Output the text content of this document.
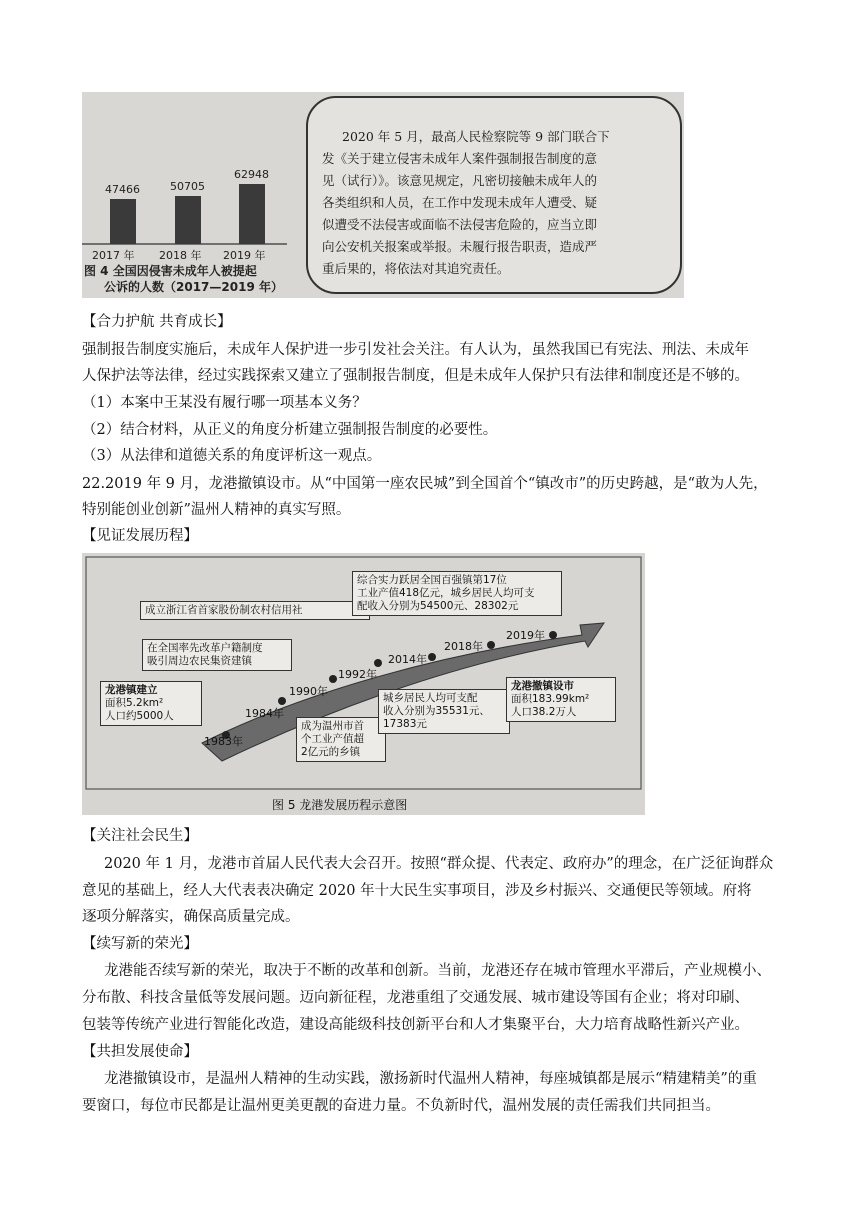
47466
2017 年
50705
2018 年
62948
2019 年
图 4 全国因侵害未成年人被提起
公诉的人数（2017—2019 年）
2020 年 5 月，最高人民检察院等 9 部门联合下
发《关于建立侵害未成年人案件强制报告制度的意
见（试行）》。该意见规定，凡密切接触未成年人的
各类组织和人员，在工作中发现未成年人遭受、疑
似遭受不法侵害或面临不法侵害危险的，应当立即
向公安机关报案或举报。未履行报告职责，造成严
重后果的，将依法对其追究责任。
【合力护航 共育成长】
强制报告制度实施后，未成年人保护进一步引发社会关注。有人认为，虽然我国已有宪法、刑法、未成年
人保护法等法律，经过实践探索又建立了强制报告制度，但是未成年人保护只有法律和制度还是不够的。
（1）本案中王某没有履行哪一项基本义务？
（2）结合材料，从正义的角度分析建立强制报告制度的必要性。
（3）从法律和道德关系的角度评析这一观点。
22.2019 年 9 月，龙港撤镇设市。从“中国第一座农民城”到全国首个“镇改市”的历史跨越，是“敢为人先，
特别能创业创新”温州人精神的真实写照。
【见证发展历程】
1983年
1984年
1990年
1992年
2014年
2018年
2019年
龙港镇建立
面积5.2km²
人口约5000人
成立浙江省首家股份制农村信用社
在全国率先改革户籍制度
吸引周边农民集资建镇
成为温州市首
个工业产值超
2亿元的乡镇
城乡居民人均可支配
收入分别为35531元、
17383元
综合实力跃居全国百强镇第17位
工业产值418亿元，城乡居民人均可支
配收入分别为54500元、28302元
龙港撤镇设市
面积183.99km²
人口38.2万人
图 5 龙港发展历程示意图
【关注社会民生】
2020 年 1 月，龙港市首届人民代表大会召开。按照“群众提、代表定、政府办”的理念，在广泛征询群众
意见的基础上，经人大代表表决确定 2020 年十大民生实事项目，涉及乡村振兴、交通便民等领域。府将
逐项分解落实，确保高质量完成。
【续写新的荣光】
龙港能否续写新的荣光，取决于不断的改革和创新。当前，龙港还存在城市管理水平滞后，产业规模小、
分布散、科技含量低等发展问题。迈向新征程，龙港重组了交通发展、城市建设等国有企业；将对印刷、
包装等传统产业进行智能化改造，建设高能级科技创新平台和人才集聚平台，大力培育战略性新兴产业。
【共担发展使命】
龙港撤镇设市，是温州人精神的生动实践，激扬新时代温州人精神，每座城镇都是展示“精建精美”的重
要窗口，每位市民都是让温州更美更靓的奋进力量。不负新时代，温州发展的责任需我们共同担当。
